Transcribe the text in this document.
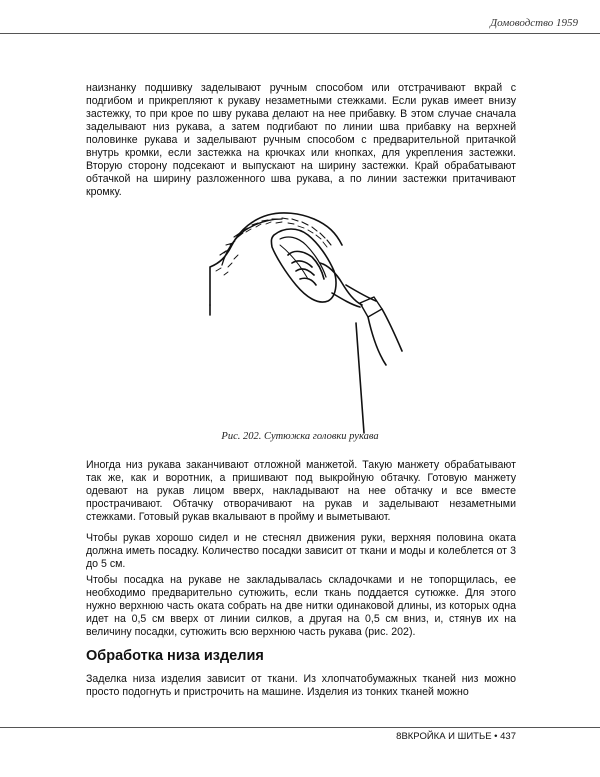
Домоводство 1959

наизнанку подшивку заделывают ручным способом или отстрачивают вкрай с подгибом и прикрепляют к рукаву незаметными стежками. Если рукав имеет внизу застежку, то при крое по шву рукава делают на нее прибавку. В этом случае сначала заделывают низ рукава, а затем подгибают по линии шва прибавку на верхней половинке рукава и заделывают ручным способом с предварительной притачкой внутрь кромки, если застежка на крючках или кнопках, для укрепления застежки. Вторую сторону подсекают и выпускают на ширину застежки. Край обрабатывают обтачкой на ширину разложенного шва рукава, а по линии застежки притачивают кромку.

Рис. 202. Сутюжка головки рукава

Иногда низ рукава заканчивают отложной манжетой. Такую манжету обрабатывают так же, как и воротник, а пришивают под выкройную обтачку. Готовую манжету одевают на рукав лицом вверх, накладывают на нее обтачку и все вместе прострачивают. Обтачку отворачивают на рукав и заделывают незаметными стежками. Готовый рукав вкалывают в пройму и выметывают.

Чтобы рукав хорошо сидел и не стеснял движения руки, верхняя половина оката должна иметь посадку. Количество посадки зависит от ткани и моды и колеблется от 3 до 5 см.

Чтобы посадка на рукаве не закладывалась складочками и не топорщилась, ее необходимо предварительно сутюжить, если ткань поддается сутюжке. Для этого нужно верхнюю часть оката собрать на две нитки одинаковой длины, из которых одна идет на 0,5 см вверх от линии силков, а другая на 0,5 см вниз, и, стянув их на величину посадки, сутюжить всю верхнюю часть рукава (рис. 202).

Обработка низа изделия

Заделка низа изделия зависит от ткани. Из хлопчатобумажных тканей низ можно просто подогнуть и пристрочить на машине. Изделия из тонких тканей можно

8ВКРОЙКА И ШИТЬЕ • 437
